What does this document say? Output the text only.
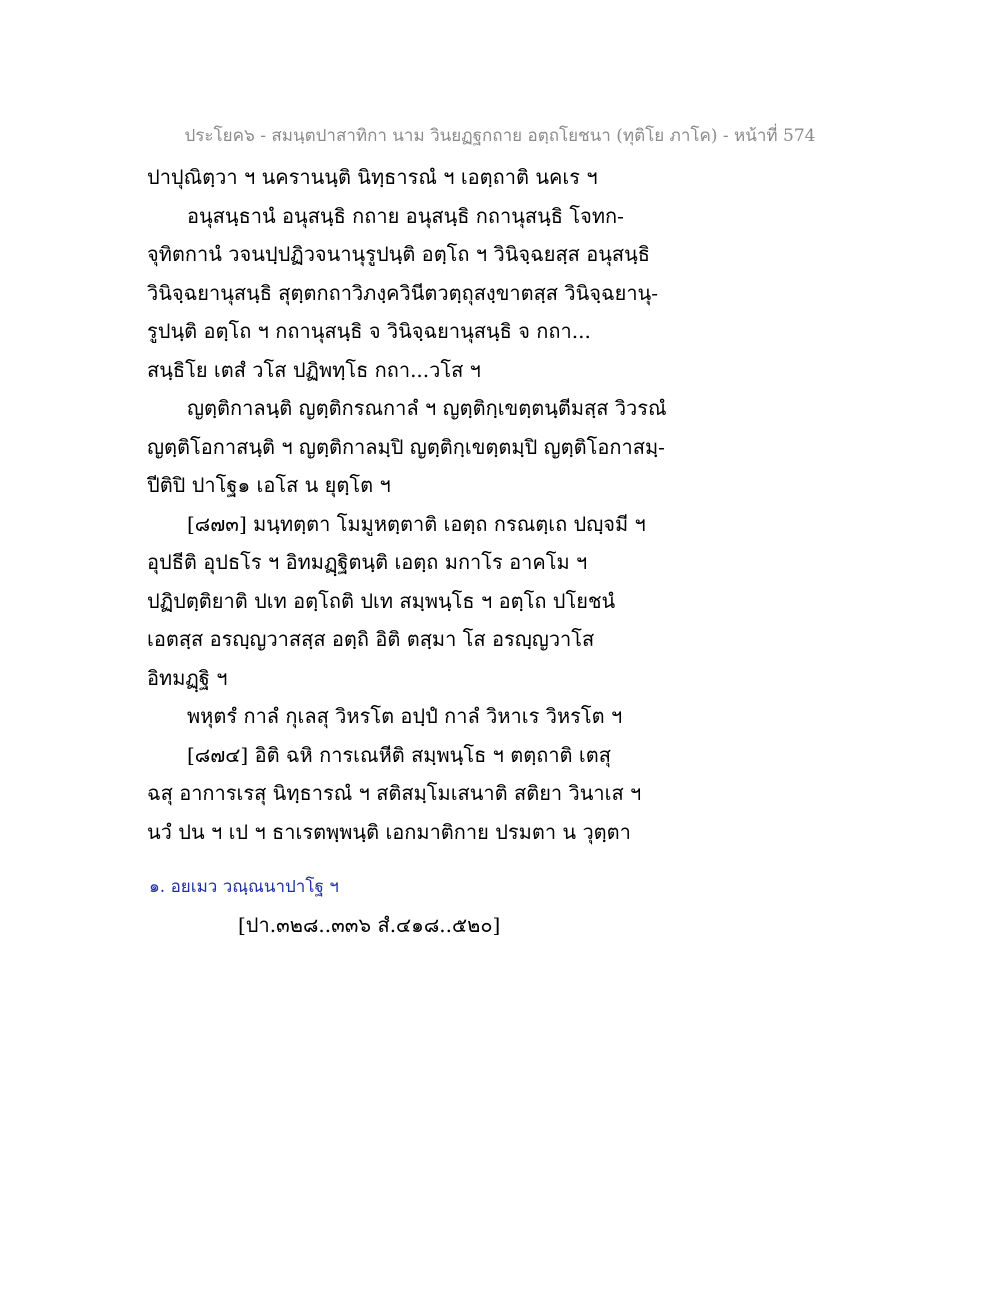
ประโยค๖ - สมนฺตปาสาทิกา นาม วินยฏฐกถาย อตฺถโยชนา (ทุติโย ภาโค) - หน้าที่ 574
ปาปุณิตฺวา ฯ นครานนฺติ นิทฺธารณํ ฯ เอตฺถาติ นคเร ฯ
อนุสนฺธานํ อนุสนฺธิ กถาย อนุสนฺธิ กถานุสนฺธิ โจทก-
จุทิตกานํ วจนปฺปฏิวจนานุรูปนฺติ อตฺโถ ฯ วินิจฺฉยสฺส อนุสนฺธิ
วินิจฺฉยานุสนฺธิ สุตฺตกถาวิภงฺควินีตวตฺถุสงฺขาตสฺส วินิจฺฉยานุ-
รูปนฺติ อตฺโถ ฯ กถานุสนฺธิ จ วินิจฺฉยานุสนฺธิ จ กถา...
สนฺธิโย เตสํ วโส ปฏิพทฺโธ กถา...วโส ฯ
ญตฺติกาลนฺติ ญตฺติกรณกาลํ ฯ ญตฺติกฺเขตฺตนฺตีมสฺส วิวรณํ
ญตฺติโอกาสนฺติ ฯ ญตฺติกาลมฺปิ ญตฺติกฺเขตฺตมฺปิ ญตฺติโอกาสมฺ-
ปีติปิ ปาโฐ๑ เอโส น ยุตฺโต ฯ
[๘๗๓] มนฺทตฺตา โมมูหตฺตาติ เอตฺถ กรณตฺเถ ปญฺจมี ฯ
อุปธีติ อุปธโร ฯ อิทมฏฺฐิตนฺติ เอตฺถ มกาโร อาคโม ฯ
ปฏิปตฺติยาติ ปเท อตฺโถติ ปเท สมฺพนฺโธ ฯ อตฺโถ ปโยชนํ
เอตสฺส อรญฺญวาสสฺส อตฺถิ อิติ ตสฺมา โส อรญฺญวาโส
อิทมฏฺฐิ ฯ
พหุตรํ กาลํ กุเลสุ วิหรโต อปฺปํ กาลํ วิหาเร วิหรโต ฯ
[๘๗๔] อิติ ฉหิ การเณหีติ สมฺพนฺโธ ฯ ตตฺถาติ เตสุ
ฉสุ อาการเรสุ นิทฺธารณํ ฯ สติสมฺโมเสนาติ สติยา วินาเส ฯ
นวํ ปน ฯ เป ฯ ธาเรตพฺพนฺติ เอกมาติกาย ปรมตา น วุตฺตา
๑. อยเมว วณฺณนาปาโฐ ฯ
[ปา.๓๒๘..๓๓๖ สํ.๔๑๘..๕๒๐]
